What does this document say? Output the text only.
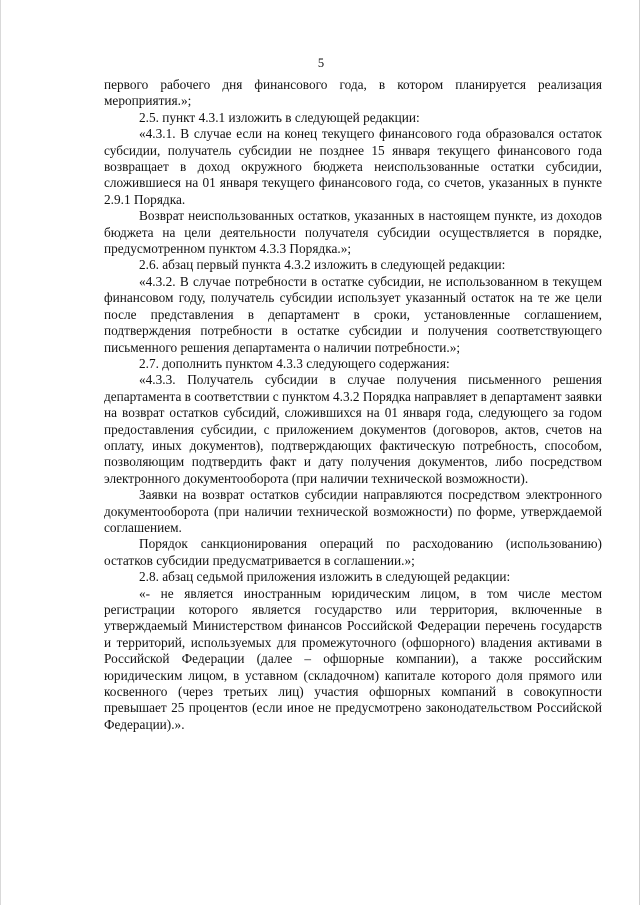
5

первого рабочего дня финансового года, в котором планируется реализация мероприятия.»;

2.5. пункт 4.3.1 изложить в следующей редакции:

«4.3.1. В случае если на конец текущего финансового года образовался остаток субсидии, получатель субсидии не позднее 15 января текущего финансового года возвращает в доход окружного бюджета неиспользованные остатки субсидии, сложившиеся на 01 января текущего финансового года, со счетов, указанных в пункте 2.9.1 Порядка.

Возврат неиспользованных остатков, указанных в настоящем пункте, из доходов бюджета на цели деятельности получателя субсидии осуществляется в порядке, предусмотренном пунктом 4.3.3 Порядка.»;

2.6. абзац первый пункта 4.3.2 изложить в следующей редакции:

«4.3.2. В случае потребности в остатке субсидии, не использованном в текущем финансовом году, получатель субсидии использует указанный остаток на те же цели после представления в департамент в сроки, установленные соглашением, подтверждения потребности в остатке субсидии и получения соответствующего письменного решения департамента о наличии потребности.»;

2.7. дополнить пунктом 4.3.3 следующего содержания:

«4.3.3. Получатель субсидии в случае получения письменного решения департамента в соответствии с пунктом 4.3.2 Порядка направляет в департамент заявки на возврат остатков субсидий, сложившихся на 01 января года, следующего за годом предоставления субсидии, с приложением документов (договоров, актов, счетов на оплату, иных документов), подтверждающих фактическую потребность, способом, позволяющим подтвердить факт и дату получения документов, либо посредством электронного документооборота (при наличии технической возможности).

Заявки на возврат остатков субсидии направляются посредством электронного документооборота (при наличии технической возможности) по форме, утверждаемой соглашением.

Порядок санкционирования операций по расходованию (использованию) остатков субсидии предусматривается в соглашении.»;

2.8. абзац седьмой приложения изложить в следующей редакции:

«- не является иностранным юридическим лицом, в том числе местом регистрации которого является государство или территория, включенные в утверждаемый Министерством финансов Российской Федерации перечень государств и территорий, используемых для промежуточного (офшорного) владения активами в Российской Федерации (далее – офшорные компании), а также российским юридическим лицом, в уставном (складочном) капитале которого доля прямого или косвенного (через третьих лиц) участия офшорных компаний в совокупности превышает 25 процентов (если иное не предусмотрено законодательством Российской Федерации).».
